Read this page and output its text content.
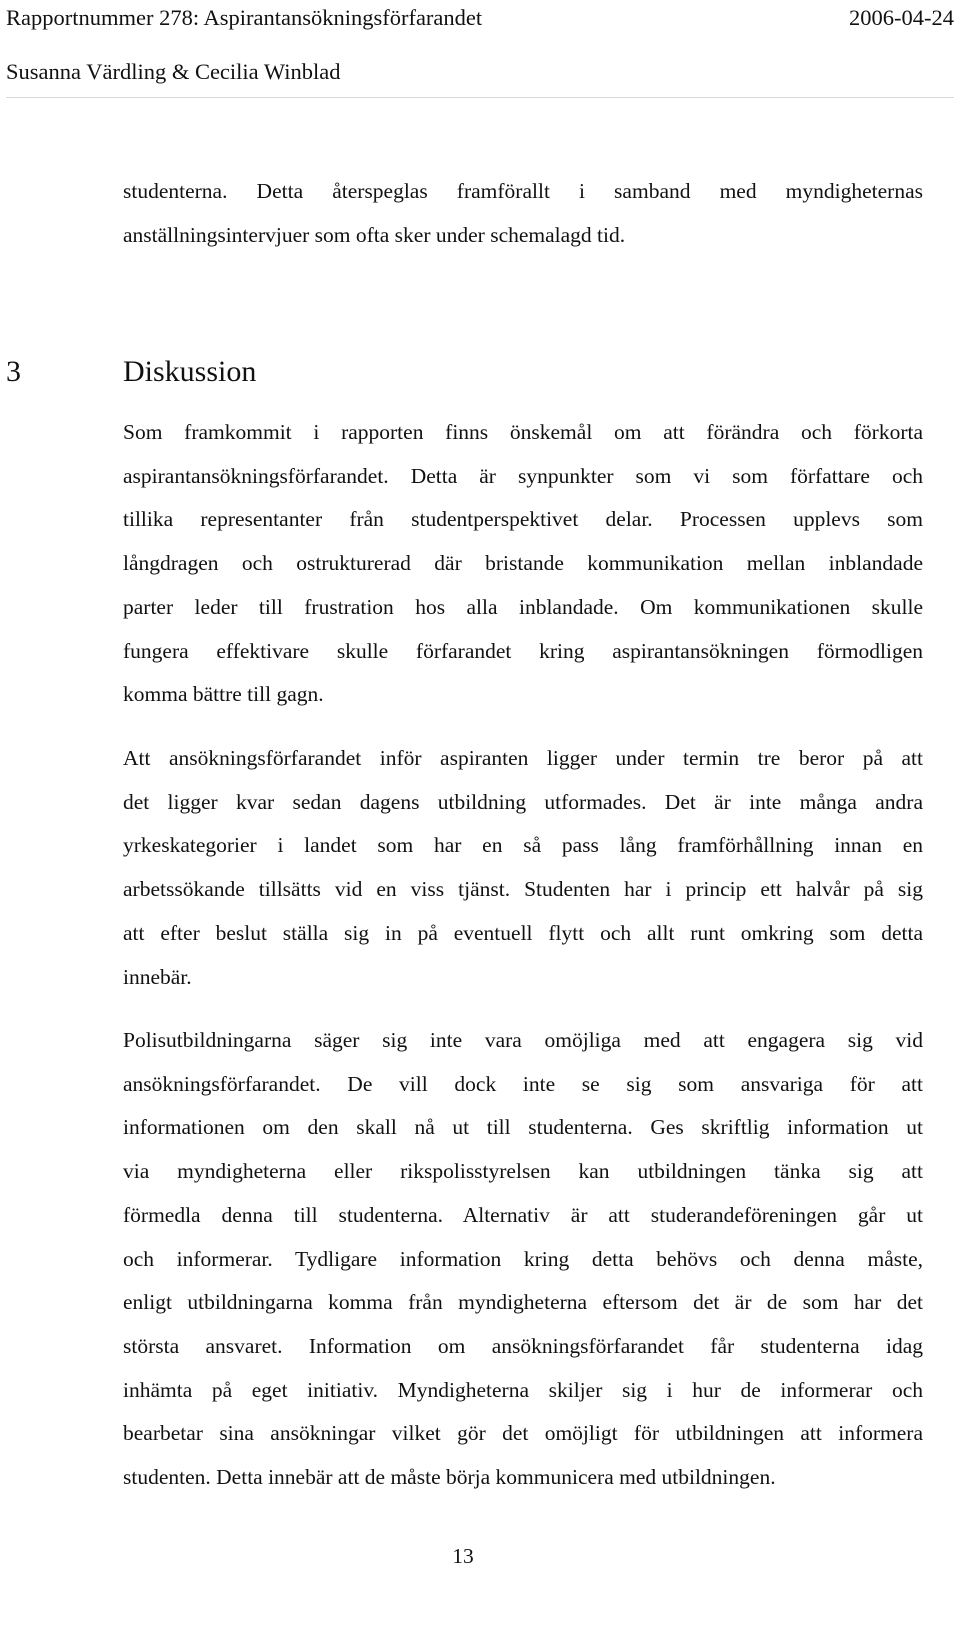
Rapportnummer 278: Aspirantansökningsförfarandet	2006-04-24
Susanna Värdling & Cecilia Winblad
studenterna. Detta återspeglas framförallt i samband med myndigheternas
anställningsintervjuer som ofta sker under schemalagd tid.
3	Diskussion
Som framkommit i rapporten finns önskemål om att förändra och förkorta
aspirantansökningsförfarandet. Detta är synpunkter som vi som författare och
tillika representanter från studentperspektivet delar. Processen upplevs som
långdragen och ostrukturerad där bristande kommunikation mellan inblandade
parter leder till frustration hos alla inblandade. Om kommunikationen skulle
fungera effektivare skulle förfarandet kring aspirantansökningen förmodligen
komma bättre till gagn.
Att ansökningsförfarandet inför aspiranten ligger under termin tre beror på att
det ligger kvar sedan dagens utbildning utformades. Det är inte många andra
yrkeskategorier i landet som har en så pass lång framförhållning innan en
arbetssökande tillsätts vid en viss tjänst. Studenten har i princip ett halvår på sig
att efter beslut ställa sig in på eventuell flytt och allt runt omkring som detta
innebär.
Polisutbildningarna säger sig inte vara omöjliga med att engagera sig vid
ansökningsförfarandet. De vill dock inte se sig som ansvariga för att
informationen om den skall nå ut till studenterna. Ges skriftlig information ut
via myndigheterna eller rikspolisstyrelsen kan utbildningen tänka sig att
förmedla denna till studenterna. Alternativ är att studerandeföreningen går ut
och informerar. Tydligare information kring detta behövs och denna måste,
enligt utbildningarna komma från myndigheterna eftersom det är de som har det
största ansvaret. Information om ansökningsförfarandet får studenterna idag
inhämta på eget initiativ. Myndigheterna skiljer sig i hur de informerar och
bearbetar sina ansökningar vilket gör det omöjligt för utbildningen att informera
studenten. Detta innebär att de måste börja kommunicera med utbildningen.
13
